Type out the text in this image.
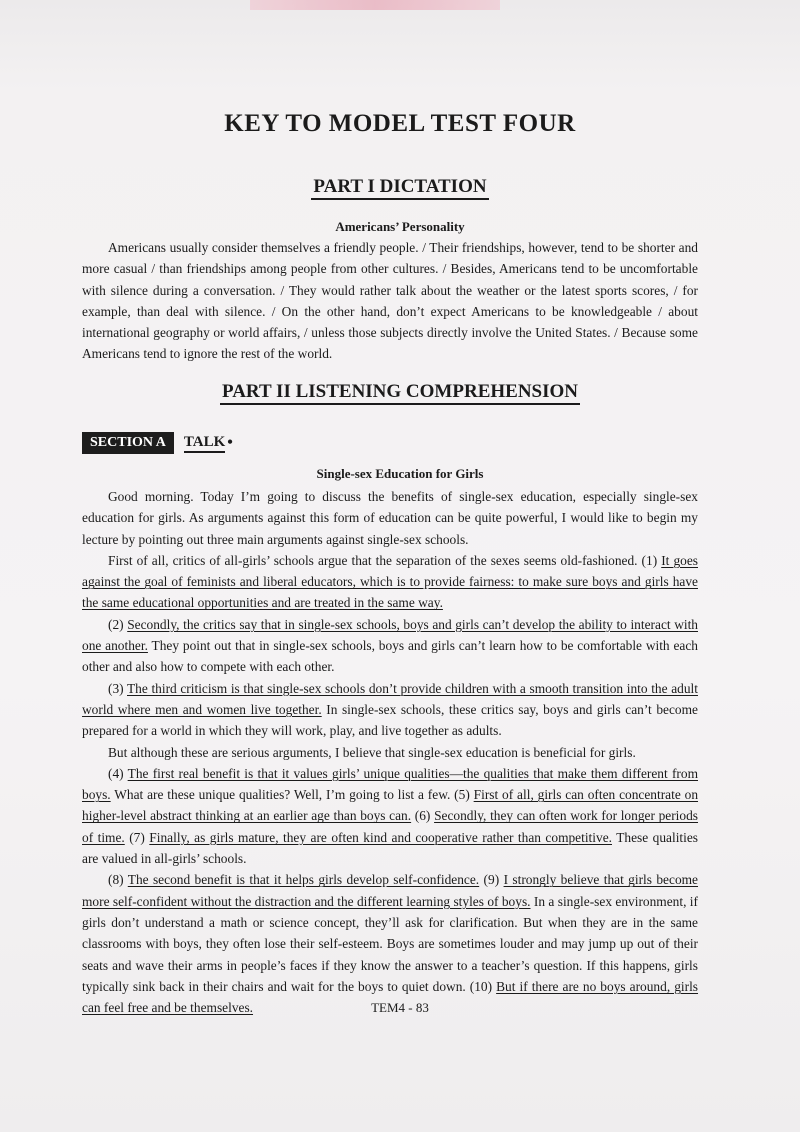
KEY TO MODEL TEST FOUR
PART I DICTATION
Americans’ Personality

Americans usually consider themselves a friendly people. / Their friendships, however, tend to be shorter and more casual / than friendships among people from other cultures. / Besides, Americans tend to be uncomfortable with silence during a conversation. / They would rather talk about the weather or the latest sports scores, / for example, than deal with silence. / On the other hand, don’t expect Americans to be knowledgeable / about international geography or world affairs, / unless those subjects directly involve the United States. / Because some Americans tend to ignore the rest of the world.

PART II LISTENING COMPREHENSION
SECTION A	TALK •
Single-sex Education for Girls

Good morning. Today I’m going to discuss the benefits of single-sex education, especially single-sex education for girls. As arguments against this form of education can be quite powerful, I would like to begin my lecture by pointing out three main arguments against single-sex schools.

First of all, critics of all-girls’ schools argue that the separation of the sexes seems old-fashioned. (1) It goes against the goal of feminists and liberal educators, which is to provide fairness: to make sure boys and girls have the same educational opportunities and are treated in the same way.

(2) Secondly, the critics say that in single-sex schools, boys and girls can’t develop the ability to interact with one another. They point out that in single-sex schools, boys and girls can’t learn how to be comfortable with each other and also how to compete with each other.

(3) The third criticism is that single-sex schools don’t provide children with a smooth transition into the adult world where men and women live together. In single-sex schools, these critics say, boys and girls can’t become prepared for a world in which they will work, play, and live together as adults.

But although these are serious arguments, I believe that single-sex education is beneficial for girls.

(4) The first real benefit is that it values girls’ unique qualities—the qualities that make them different from boys. What are these unique qualities? Well, I’m going to list a few. (5) First of all, girls can often concentrate on higher-level abstract thinking at an earlier age than boys can. (6) Secondly, they can often work for longer periods of time. (7) Finally, as girls mature, they are often kind and cooperative rather than competitive. These qualities are valued in all-girls’ schools.

(8) The second benefit is that it helps girls develop self-confidence. (9) I strongly believe that girls become more self-confident without the distraction and the different learning styles of boys. In a single-sex environment, if girls don’t understand a math or science concept, they’ll ask for clarification. But when they are in the same classrooms with boys, they often lose their self-esteem. Boys are sometimes louder and may jump up out of their seats and wave their arms in people’s faces if they know the answer to a teacher’s question. If this happens, girls typically sink back in their chairs and wait for the boys to quiet down. (10) But if there are no boys around, girls can feel free and be themselves.	TEM4 - 83
